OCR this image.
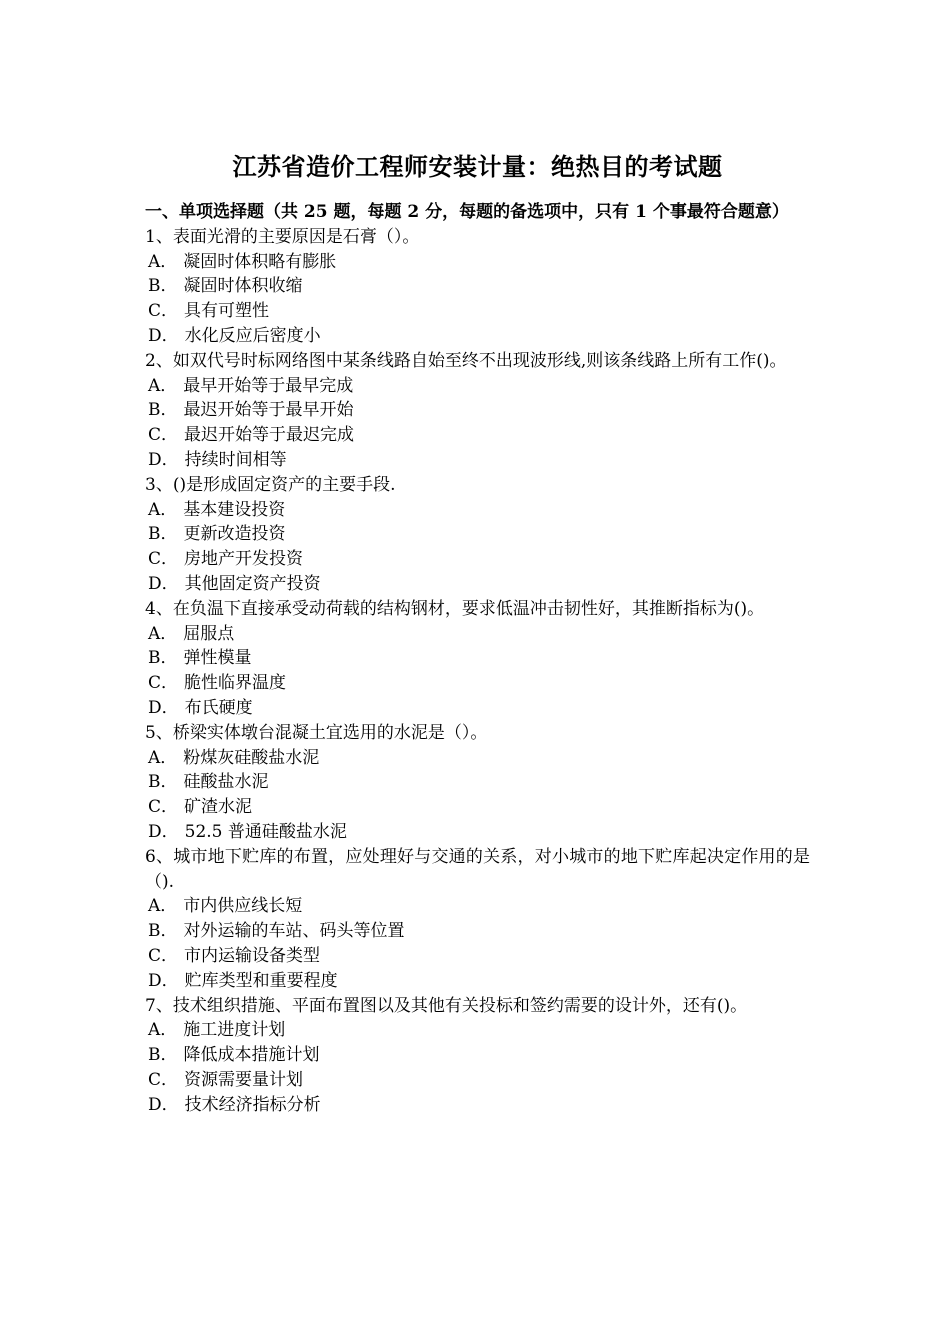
江苏省造价工程师安装计量：绝热目的考试题

一、单项选择题（共 25 题，每题 2 分，每题的备选项中，只有 1 个事最符合题意）

1、表面光滑的主要原因是石膏（）。

A． 凝固时体积略有膨胀

B． 凝固时体积收缩

C． 具有可塑性

D． 水化反应后密度小

2、如双代号时标网络图中某条线路自始至终不出现波形线,则该条线路上所有工作()。

A． 最早开始等于最早完成

B． 最迟开始等于最早开始

C． 最迟开始等于最迟完成

D． 持续时间相等

3、()是形成固定资产的主要手段.

A． 基本建设投资

B． 更新改造投资

C． 房地产开发投资

D． 其他固定资产投资

4、在负温下直接承受动荷载的结构钢材，要求低温冲击韧性好，其推断指标为()。

A． 屈服点

B． 弹性模量

C． 脆性临界温度

D． 布氏硬度

5、桥梁实体墩台混凝土宜选用的水泥是（）。

A． 粉煤灰硅酸盐水泥

B． 硅酸盐水泥

C． 矿渣水泥

D． 52.5 普通硅酸盐水泥

6、城市地下贮库的布置，应处理好与交通的关系，对小城市的地下贮库起决定作用的是（).

A． 市内供应线长短

B． 对外运输的车站、码头等位置

C． 市内运输设备类型

D． 贮库类型和重要程度

7、技术组织措施、平面布置图以及其他有关投标和签约需要的设计外，还有()。

A． 施工进度计划

B． 降低成本措施计划

C． 资源需要量计划

D． 技术经济指标分析
